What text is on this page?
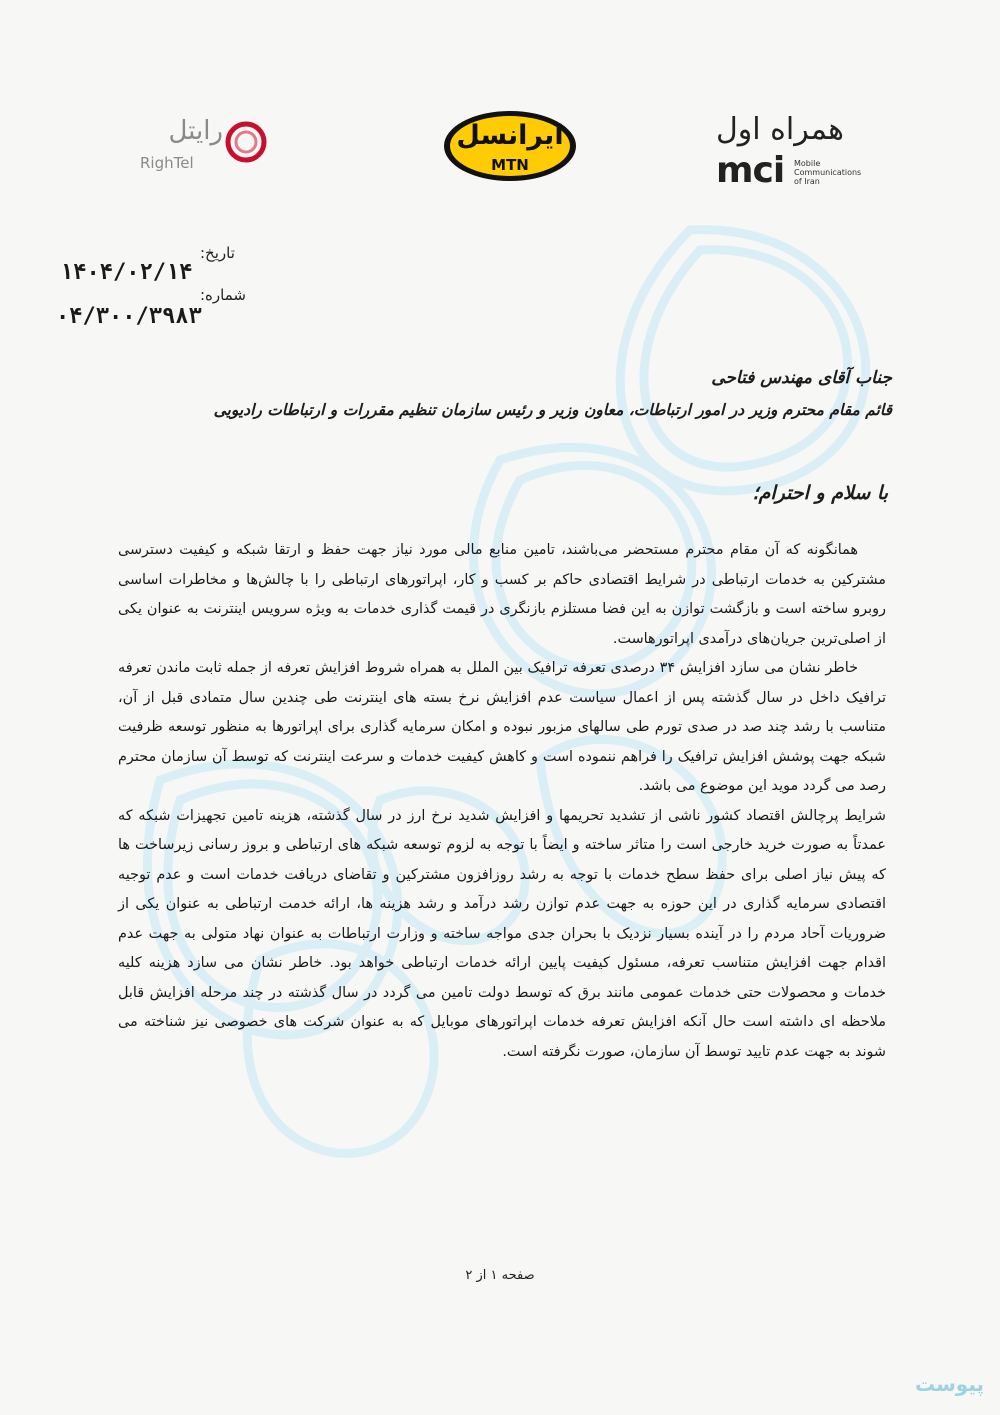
رایتل
RighTel
ایرانسل
MTN
همراه اول
mci Mobile
Communications
of Iran
تاریخ:
۱۴۰۴/۰۲/۱۴
شماره:
۰۴/۳۰۰/۳۹۸۳
جناب آقای مهندس فتاحی
قائم مقام محترم وزیر در امور ارتباطات، معاون وزیر و رئیس سازمان تنظیم مقررات و ارتباطات رادیویی
با سلام و احترام؛

همانگونه که آن مقام محترم مستحضر می‌باشند، تامین منابع مالی مورد نیاز جهت حفظ و ارتقا شبکه و کیفیت دسترسی مشترکین به خدمات ارتباطی در شرایط اقتصادی حاکم بر کسب و کار، اپراتورهای ارتباطی را با چالش‌ها و مخاطرات اساسی روبرو ساخته است و بازگشت توازن به این فضا مستلزم بازنگری در قیمت گذاری خدمات به ویژه سرویس اینترنت به عنوان یکی از اصلی‌ترین جریان‌های درآمدی اپراتورهاست.

خاطر نشان می سازد افزایش ۳۴ درصدی تعرفه ترافیک بین الملل به همراه شروط افزایش تعرفه از جمله ثابت ماندن تعرفه ترافیک داخل در سال گذشته پس از اعمال سیاست عدم افزایش نرخ بسته های اینترنت طی چندین سال متمادی قبل از آن، متناسب با رشد چند صد در صدی تورم طی سالهای مزبور نبوده و امکان سرمایه گذاری برای اپراتورها به منظور توسعه ظرفیت شبکه جهت پوشش افزایش ترافیک را فراهم ننموده است و کاهش کیفیت خدمات و سرعت اینترنت که توسط آن سازمان محترم رصد می گردد موید این موضوع می باشد.

شرایط پرچالش اقتصاد کشور ناشی از تشدید تحریمها و افزایش شدید نرخ ارز در سال گذشته، هزینه تامین تجهیزات شبکه که عمدتاً به صورت خرید خارجی است را متاثر ساخته و ایضاً با توجه به لزوم توسعه شبکه های ارتباطی و بروز رسانی زیرساخت ها که پیش نیاز اصلی برای حفظ سطح خدمات با توجه به رشد روزافزون مشترکین و تقاضای دریافت خدمات است و عدم توجیه اقتصادی سرمایه گذاری در این حوزه به جهت عدم توازن رشد درآمد و رشد هزینه ها، ارائه خدمت ارتباطی به عنوان یکی از ضروریات آحاد مردم را در آینده بسیار نزدیک با بحران جدی مواجه ساخته و وزارت ارتباطات به عنوان نهاد متولی به جهت عدم اقدام جهت افزایش متناسب تعرفه، مسئول کیفیت پایین ارائه خدمات ارتباطی خواهد بود. خاطر نشان می سازد هزینه کلیه خدمات و محصولات حتی خدمات عمومی مانند برق که توسط دولت تامین می گردد در سال گذشته در چند مرحله افزایش قابل ملاحظه ای داشته است حال آنکه افزایش تعرفه خدمات اپراتورهای موبایل که به عنوان شرکت های خصوصی نیز شناخته می شوند به جهت عدم تایید توسط آن سازمان، صورت نگرفته است.

صفحه ۱ از ۲
پیوست
